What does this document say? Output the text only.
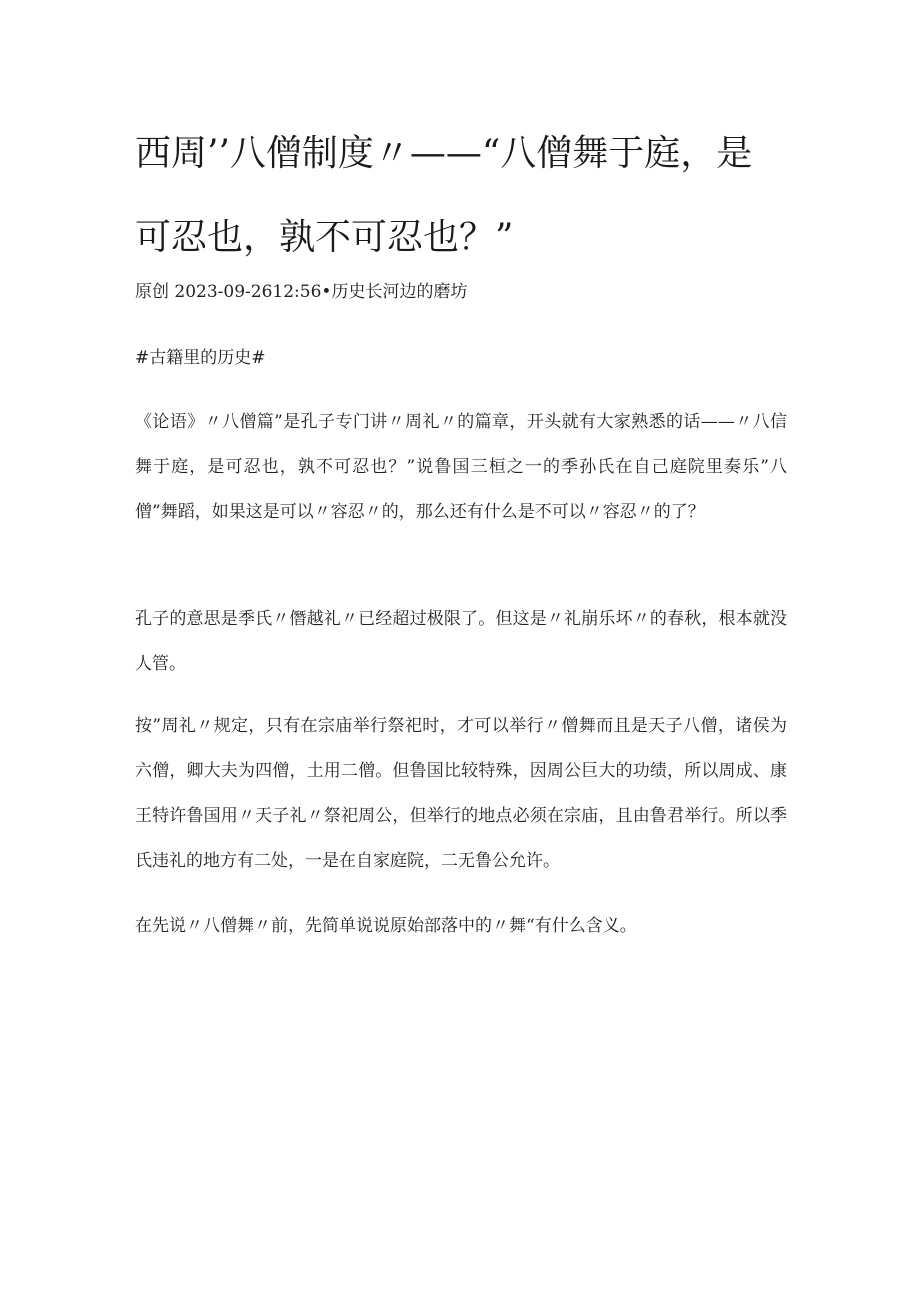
西周’’八僧制度〃——“八僧舞于庭，是可忍也，孰不可忍也？”
原创 2023-09-2612:56•历史长河边的磨坊
#古籍里的历史#

《论语》〃八僧篇”是孔子专门讲〃周礼〃的篇章，开头就有大家熟悉的话——〃八信舞于庭，是可忍也，孰不可忍也？”说鲁国三桓之一的季孙氏在自己庭院里奏乐”八僧”舞蹈，如果这是可以〃容忍〃的，那么还有什么是不可以〃容忍〃的了？

孔子的意思是季氏〃僭越礼〃已经超过极限了。但这是〃礼崩乐坏〃的春秋，根本就没人管。

按”周礼〃规定，只有在宗庙举行祭祀时，才可以举行〃僧舞而且是天子八僧，诸侯为六僧，卿大夫为四僧，土用二僧。但鲁国比较特殊，因周公巨大的功绩，所以周成、康王特许鲁国用〃天子礼〃祭祀周公，但举行的地点必须在宗庙，且由鲁君举行。所以季氏违礼的地方有二处，一是在自家庭院，二无鲁公允许。

在先说〃八僧舞〃前，先简单说说原始部落中的〃舞“有什么含义。
